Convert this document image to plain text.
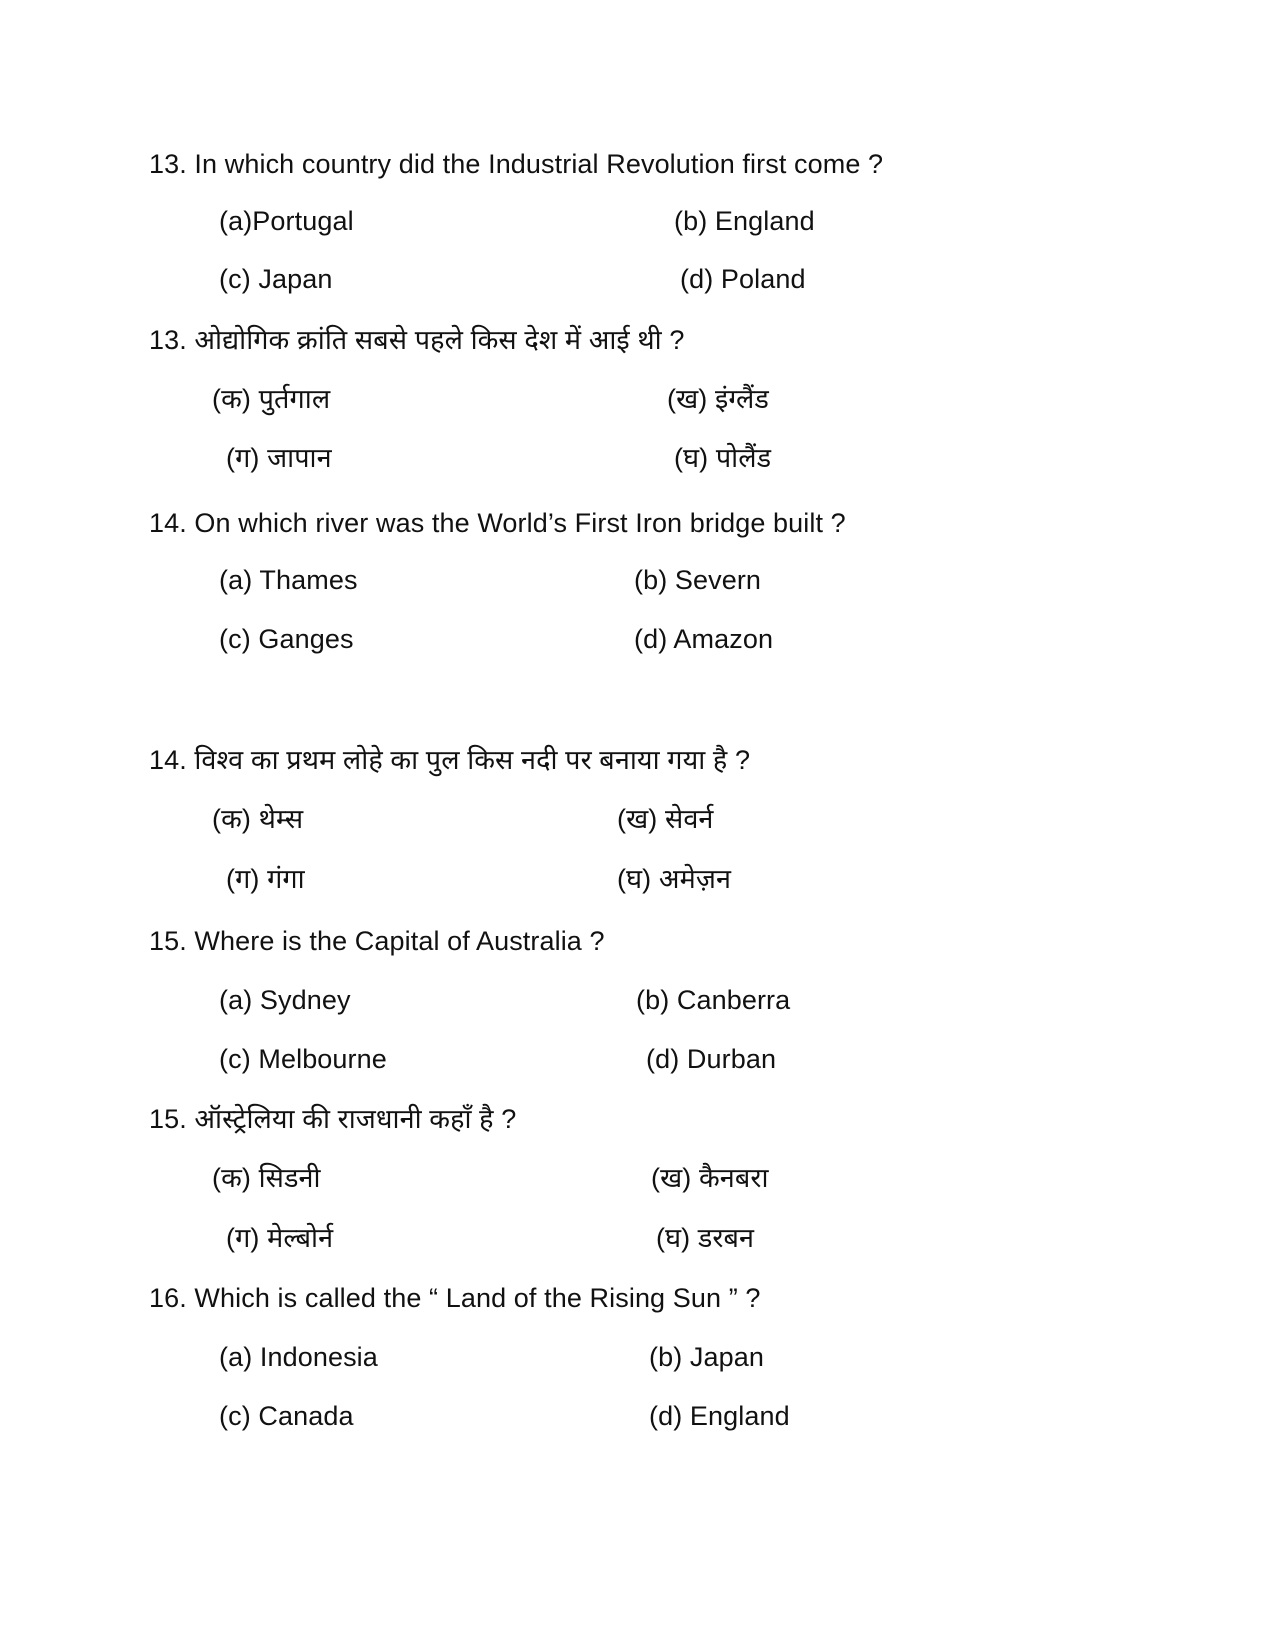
13. In which country did the Industrial Revolution first come ?
(a)Portugal	(b) England
(c) Japan	(d) Poland
13. ओद्योगिक क्रांति सबसे पहले किस देश में आई थी ?
(क) पुर्तगाल	(ख) इंग्लैंड
(ग) जापान	(घ) पोलैंड
14. On which river was the World’s First Iron bridge built ?
(a) Thames	(b) Severn
(c) Ganges	(d) Amazon
14. विश्व का प्रथम लोहे का पुल किस नदी पर बनाया गया है ?
(क) थेम्स	(ख) सेवर्न
(ग) गंगा	(घ) अमेज़न
15. Where is the Capital of Australia ?
(a) Sydney	(b) Canberra
(c) Melbourne	(d) Durban
15. ऑस्ट्रेलिया की राजधानी कहाँ है ?
(क) सिडनी	(ख) कैनबरा
(ग) मेल्बोर्न	(घ) डरबन
16. Which is called the “ Land of the Rising Sun ” ?
(a) Indonesia	(b) Japan
(c) Canada	(d) England
